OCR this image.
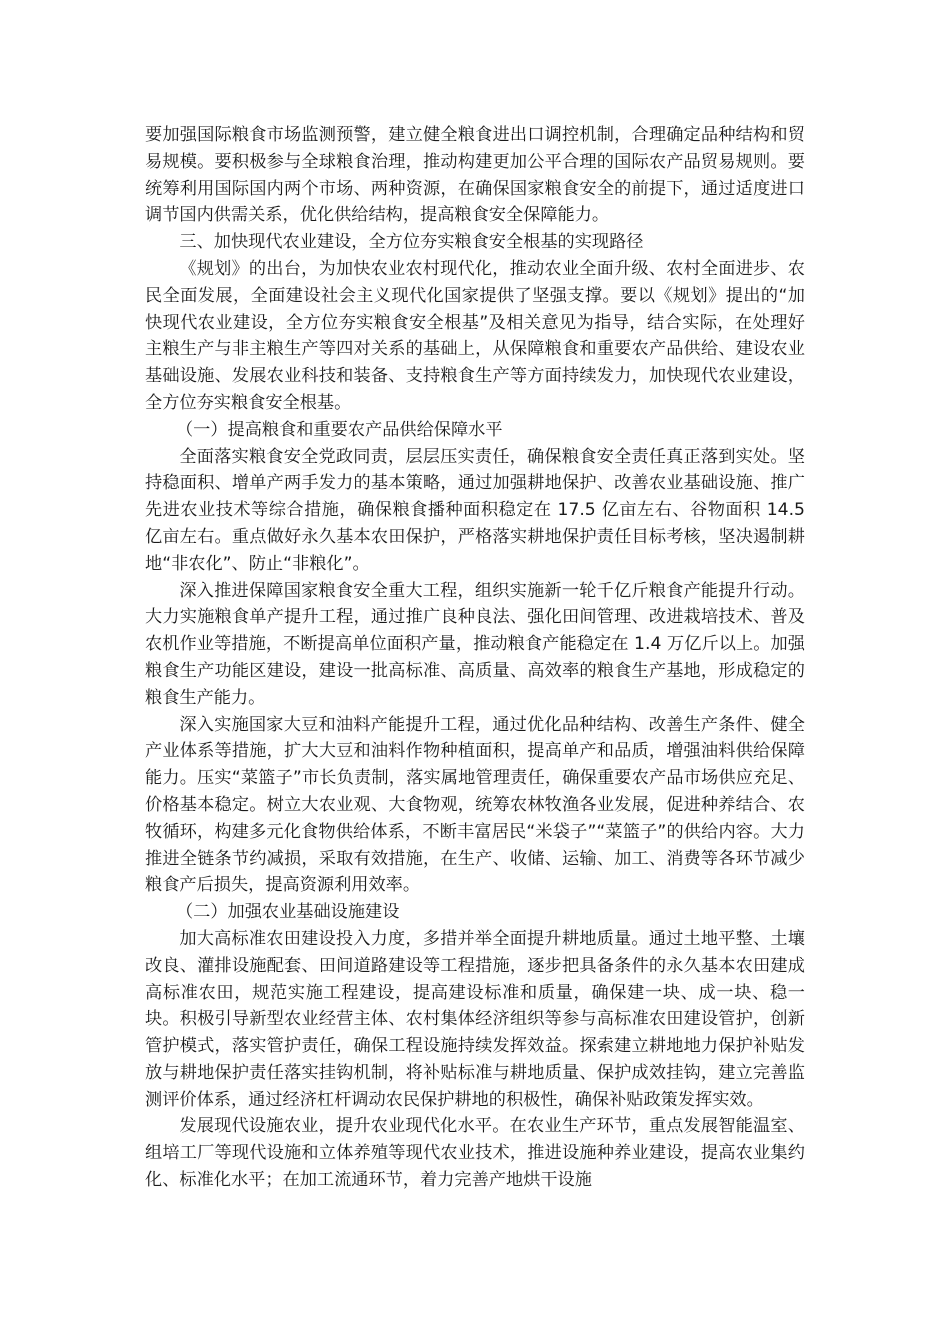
要加强国际粮食市场监测预警，建立健全粮食进出口调控机制，合理确定品种结构和贸易规模。要积极参与全球粮食治理，推动构建更加公平合理的国际农产品贸易规则。要统筹利用国际国内两个市场、两种资源，在确保国家粮食安全的前提下，通过适度进口调节国内供需关系，优化供给结构，提高粮食安全保障能力。

三、加快现代农业建设，全方位夯实粮食安全根基的实现路径

《规划》的出台，为加快农业农村现代化，推动农业全面升级、农村全面进步、农民全面发展，全面建设社会主义现代化国家提供了坚强支撑。要以《规划》提出的“加快现代农业建设，全方位夯实粮食安全根基”及相关意见为指导，结合实际，在处理好主粮生产与非主粮生产等四对关系的基础上，从保障粮食和重要农产品供给、建设农业基础设施、发展农业科技和装备、支持粮食生产等方面持续发力，加快现代农业建设，全方位夯实粮食安全根基。

（一）提高粮食和重要农产品供给保障水平

全面落实粮食安全党政同责，层层压实责任，确保粮食安全责任真正落到实处。坚持稳面积、增单产两手发力的基本策略，通过加强耕地保护、改善农业基础设施、推广先进农业技术等综合措施，确保粮食播种面积稳定在 17.5 亿亩左右、谷物面积 14.5 亿亩左右。重点做好永久基本农田保护，严格落实耕地保护责任目标考核，坚决遏制耕地“非农化”、防止“非粮化”。

深入推进保障国家粮食安全重大工程，组织实施新一轮千亿斤粮食产能提升行动。大力实施粮食单产提升工程，通过推广良种良法、强化田间管理、改进栽培技术、普及农机作业等措施，不断提高单位面积产量，推动粮食产能稳定在 1.4 万亿斤以上。加强粮食生产功能区建设，建设一批高标准、高质量、高效率的粮食生产基地，形成稳定的粮食生产能力。

深入实施国家大豆和油料产能提升工程，通过优化品种结构、改善生产条件、健全产业体系等措施，扩大大豆和油料作物种植面积，提高单产和品质，增强油料供给保障能力。压实“菜篮子”市长负责制，落实属地管理责任，确保重要农产品市场供应充足、价格基本稳定。树立大农业观、大食物观，统筹农林牧渔各业发展，促进种养结合、农牧循环，构建多元化食物供给体系，不断丰富居民“米袋子”“菜篮子”的供给内容。大力推进全链条节约减损，采取有效措施，在生产、收储、运输、加工、消费等各环节减少粮食产后损失，提高资源利用效率。

（二）加强农业基础设施建设

加大高标准农田建设投入力度，多措并举全面提升耕地质量。通过土地平整、土壤改良、灌排设施配套、田间道路建设等工程措施，逐步把具备条件的永久基本农田建成高标准农田，规范实施工程建设，提高建设标准和质量，确保建一块、成一块、稳一块。积极引导新型农业经营主体、农村集体经济组织等参与高标准农田建设管护，创新管护模式，落实管护责任，确保工程设施持续发挥效益。探索建立耕地地力保护补贴发放与耕地保护责任落实挂钩机制，将补贴标准与耕地质量、保护成效挂钩，建立完善监测评价体系，通过经济杠杆调动农民保护耕地的积极性，确保补贴政策发挥实效。

发展现代设施农业，提升农业现代化水平。在农业生产环节，重点发展智能温室、组培工厂等现代设施和立体养殖等现代农业技术，推进设施种养业建设，提高农业集约化、标准化水平；在加工流通环节，着力完善产地烘干设施
